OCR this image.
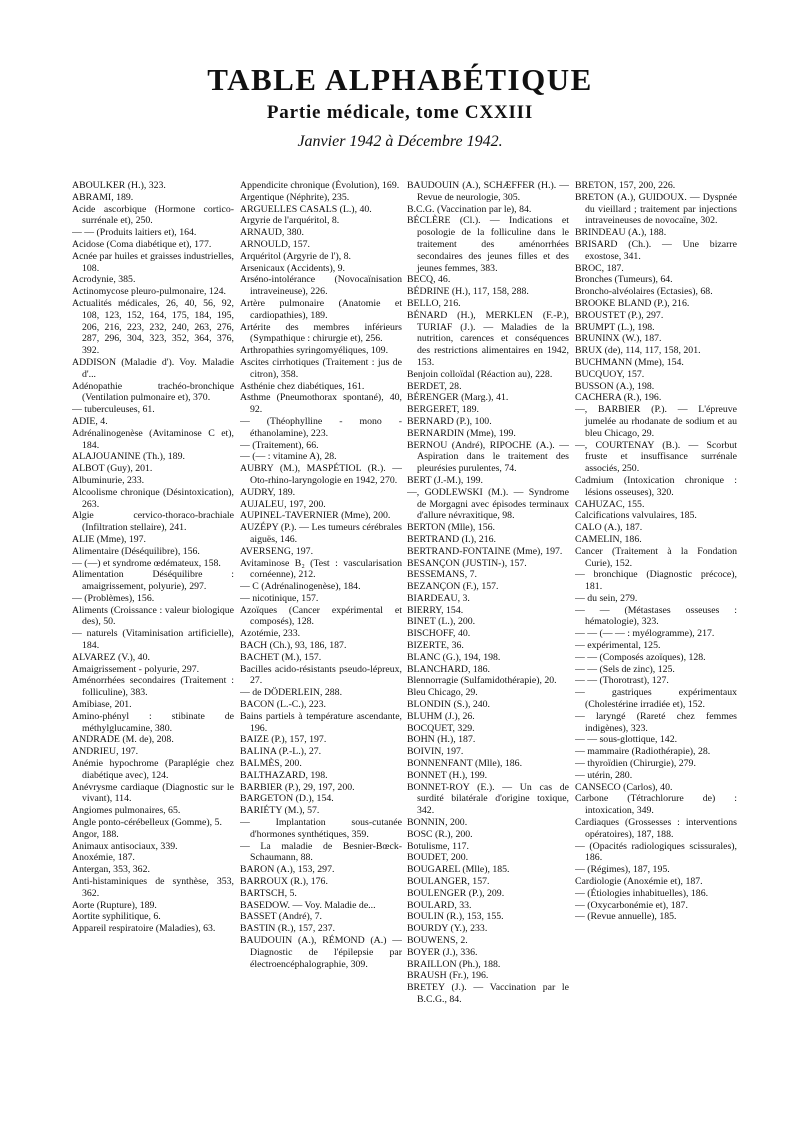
TABLE ALPHABÉTIQUE
Partie médicale, tome CXXIII
Janvier 1942 à Décembre 1942.
ABOULKER (H.), 323.
ABRAMI, 189.
Acide ascorbique (Hormone cortico-surrénale et), 250.
— — (Produits laitiers et), 164.
Acidose (Coma diabétique et), 177.
Acnée par huiles et graisses industrielles, 108.
Acrodynie, 385.
Actinomycose pleuro-pulmonaire, 124.
Actualités médicales, 26, 40, 56, 92, 108, 123, 152, 164, 175, 184, 195, 206, 216, 223, 232, 240, 263, 276, 287, 296, 304, 323, 352, 364, 376, 392.
ADDISON (Maladie d'). Voy. Maladie d'...
Adénopathie trachéo-bronchique (Ventilation pulmonaire et), 370.
— tuberculeuses, 61.
ADIE, 4.
Adrénalinogenèse (Avitaminose C et), 184.
ALAJOUANINE (Th.), 189.
ALBOT (Guy), 201.
Albuminurie, 233.
Alcoolisme chronique (Désintoxication), 263.
Algie cervico-thoraco-brachiale (Infiltration stellaire), 241.
ALIE (Mme), 197.
Alimentaire (Déséquilibre), 156.
— (—) et syndrome œdémateux, 158.
Alimentation Déséquilibre : amaigrissement, polyurie), 297.
— (Problèmes), 156.
Aliments (Croissance : valeur biologique des), 50.
— naturels (Vitaminisation artificielle), 184.
ALVAREZ (V.), 40.
Amaigrissement - polyurie, 297.
Aménorrhées secondaires (Traitement : folliculine), 383.
Amibiase, 201.
Amino-phényl : stibinate de méthylglucamine, 380.
ANDRADE (M. de), 208.
ANDRIEU, 197.
Anémie hypochrome (Paraplégie chez diabétique avec), 124.
Anévrysme cardiaque (Diagnostic sur le vivant), 114.
Angiomes pulmonaires, 65.
Angle ponto-cérébelleux (Gomme), 5.
Angor, 188.
Animaux antisociaux, 339.
Anoxémie, 187.
Antergan, 353, 362.
Anti-histaminiques de synthèse, 353, 362.
Aorte (Rupture), 189.
Aortite syphilitique, 6.
Appareil respiratoire (Maladies), 63.
Appendicite chronique (Évolution), 169.
Argentique (Néphrite), 235.
ARGUELLES CASALS (L.), 40.
Argyrie de l'arquéritol, 8.
ARNAUD, 380.
ARNOULD, 157.
Arquéritol (Argyrie de l'), 8.
Arsenicaux (Accidents), 9.
Arséno-intolérance (Novocaïnisation intraveineuse), 226.
Artère pulmonaire (Anatomie et cardiopathies), 189.
Artérite des membres inférieurs (Sympathique : chirurgie et), 256.
Arthropathies syringomyéliques, 109.
Ascites cirrhotiques (Traitement : jus de citron), 358.
Asthénie chez diabétiques, 161.
Asthme (Pneumothorax spontané), 40, 92.
— (Théophylline - mono - éthanolamine), 223.
— (Traitement), 66.
— (— : vitamine A), 28.
AUBRY (M.), MASPÉTIOL (R.). — Oto-rhino-laryngologie en 1942, 270.
AUDRY, 189.
AUJALEU, 197, 200.
AUPINEL-TAVERNIER (Mme), 200.
AUZÉPY (P.). — Les tumeurs cérébrales aiguës, 146.
AVERSENG, 197.
Avitaminose B₂ (Test : vascularisation cornéenne), 212.
— C (Adrénalinogenèse), 184.
— nicotinique, 157.
Azoïques (Cancer expérimental et composés), 128.
Azotémie, 233.
BACH (Ch.), 93, 186, 187.
BACHET (M.), 157.
Bacilles acido-résistants pseudo-lépreux, 27.
— de DÖDERLEIN, 288.
BACON (L.-C.), 223.
Bains partiels à température ascendante, 196.
BAIZE (P.), 157, 197.
BALINA (P.-L.), 27.
BALMÈS, 200.
BALTHAZARD, 198.
BARBIER (P.), 29, 197, 200.
BARGETON (D.), 154.
BARIÉTY (M.), 57.
— Implantation sous-cutanée d'hormones synthétiques, 359.
— La maladie de Besnier-Bœck-Schaumann, 88.
BARON (A.), 153, 297.
BARROUX (R.), 176.
BARTSCH, 5.
BASEDOW. — Voy. Maladie de...
BASSET (André), 7.
BASTIN (R.), 157, 237.
BAUDOUIN (A.), RÉMOND (A.) — Diagnostic de l'épilepsie par électroencéphalographie, 309.
BAUDOUIN (A.), SCHÆFFER (H.). — Revue de neurologie, 305.
B.C.G. (Vaccination par le), 84.
BÉCLÈRE (Cl.). — Indications et posologie de la folliculine dans le traitement des aménorrhées secondaires des jeunes filles et des jeunes femmes, 383.
BECQ, 46.
BÉDRINE (H.), 117, 158, 288.
BELLO, 216.
BÉNARD (H.), MERKLEN (F.-P.), TURIAF (J.). — Maladies de la nutrition, carences et conséquences des restrictions alimentaires en 1942, 153.
Benjoin colloïdal (Réaction au), 228.
BERDET, 28.
BÉRENGER (Marg.), 41.
BERGERET, 189.
BERNARD (P.), 100.
BERNARDIN (Mme), 199.
BERNOU (André), RIPOCHE (A.). — Aspiration dans le traitement des pleurésies purulentes, 74.
BERT (J.-M.), 199.
—, GODLEWSKI (M.). — Syndrome de Morgagni avec épisodes terminaux d'allure névraxitique, 98.
BERTON (Mlle), 156.
BERTRAND (I.), 216.
BERTRAND-FONTAINE (Mme), 197.
BESANÇON (JUSTIN-), 157.
BESSEMANS, 7.
BEZANÇON (F.), 157.
BIARDEAU, 3.
BIERRY, 154.
BINET (L.), 200.
BISCHOFF, 40.
BIZERTE, 36.
BLANC (G.), 194, 198.
BLANCHARD, 186.
Blennorragie (Sulfamidothérapie), 20.
Bleu Chicago, 29.
BLONDIN (S.), 240.
BLUHM (J.), 26.
BOCQUET, 329.
BOHN (H.), 187.
BOIVIN, 197.
BONNENFANT (Mlle), 186.
BONNET (H.), 199.
BONNET-ROY (E.). — Un cas de surdité bilatérale d'origine toxique, 342.
BONNIN, 200.
BOSC (R.), 200.
Botulisme, 117.
BOUDET, 200.
BOUGAREL (Mlle), 185.
BOULANGER, 157.
BOULENGER (P.), 209.
BOULARD, 33.
BOULIN (R.), 153, 155.
BOURDY (Y.), 233.
BOUWENS, 2.
BOYER (J.), 336.
BRAILLON (Ph.), 188.
BRAUSH (Fr.), 196.
BRETEY (J.). — Vaccination par le B.C.G., 84.
BRETON, 157, 200, 226.
BRETON (A.), GUIDOUX. — Dyspnée du vieillard ; traitement par injections intraveineuses de novocaïne, 302.
BRINDEAU (A.), 188.
BRISARD (Ch.). — Une bizarre exostose, 341.
BROC, 187.
Bronches (Tumeurs), 64.
Broncho-alvéolaires (Ectasies), 68.
BROOKE BLAND (P.), 216.
BROUSTET (P.), 297.
BRUMPT (L.), 198.
BRUNINX (W.), 187.
BRUX (de), 114, 117, 158, 201.
BUCHMANN (Mme), 154.
BUCQUOY, 157.
BUSSON (A.), 198.
CACHERA (R.), 196.
—, BARBIER (P.). — L'épreuve jumelée au rhodanate de sodium et au bleu Chicago, 29.
—, COURTENAY (B.). — Scorbut fruste et insuffisance surrénale associés, 250.
Cadmium (Intoxication chronique : lésions osseuses), 320.
CAHUZAC, 155.
Calcifications valvulaires, 185.
CALO (A.), 187.
CAMELIN, 186.
Cancer (Traitement à la Fondation Curie), 152.
— bronchique (Diagnostic précoce), 181.
— du sein, 279.
— — (Métastases osseuses : hématologie), 323.
— — (— — : myélogramme), 217.
— expérimental, 125.
— — (Composés azoïques), 128.
— — (Sels de zinc), 125.
— — (Thorotrast), 127.
— gastriques expérimentaux (Cholestérine irradiée et), 152.
— laryngé (Rareté chez femmes indigènes), 323.
— — sous-glottique, 142.
— mammaire (Radiothérapie), 28.
— thyroïdien (Chirurgie), 279.
— utérin, 280.
CANSECO (Carlos), 40.
Carbone (Tétrachlorure de) : intoxication, 349.
Cardiaques (Grossesses : interventions opératoires), 187, 188.
— (Opacités radiologiques scissurales), 186.
— (Régimes), 187, 195.
Cardiologie (Anoxémie et), 187.
— (Étiologies inhabituelles), 186.
— (Oxycarbonémie et), 187.
— (Revue annuelle), 185.
